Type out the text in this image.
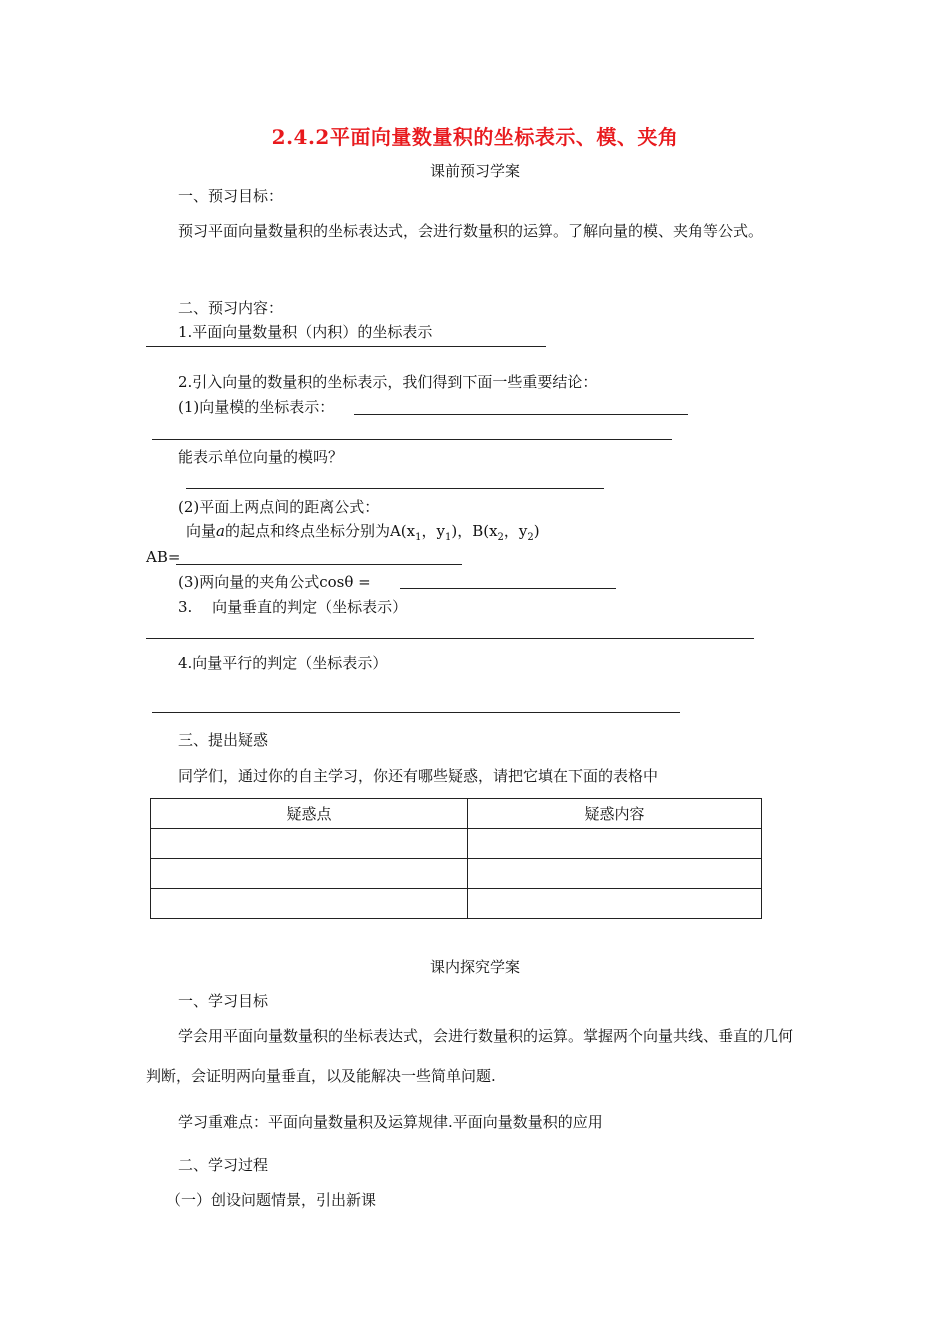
2.4.2平面向量数量积的坐标表示、模、夹角
课前预习学案
一、预习目标：
预习平面向量数量积的坐标表达式，会进行数量积的运算。了解向量的模、夹角等公式。
二、预习内容：
1.平面向量数量积（内积）的坐标表示
2.引入向量的数量积的坐标表示，我们得到下面一些重要结论：
(1)向量模的坐标表示：
能表示单位向量的模吗？
(2)平面上两点间的距离公式：
向量a的起点和终点坐标分别为$A(x_1$，$y_1$)，$B(x_2$，$y_2$)
AB=
(3)两向量的夹角公式cosθ =
3.　 向量垂直的判定（坐标表示）
4.向量平行的判定（坐标表示）
三、提出疑惑
同学们，通过你的自主学习，你还有哪些疑惑，请把它填在下面的表格中
疑惑点	疑惑内容

课内探究学案
一、学习目标
学会用平面向量数量积的坐标表达式，会进行数量积的运算。掌握两个向量共线、垂直的几何判断，会证明两向量垂直，以及能解决一些简单问题.
学习重难点：平面向量数量积及运算规律.平面向量数量积的应用
二、学习过程
（一）创设问题情景，引出新课
